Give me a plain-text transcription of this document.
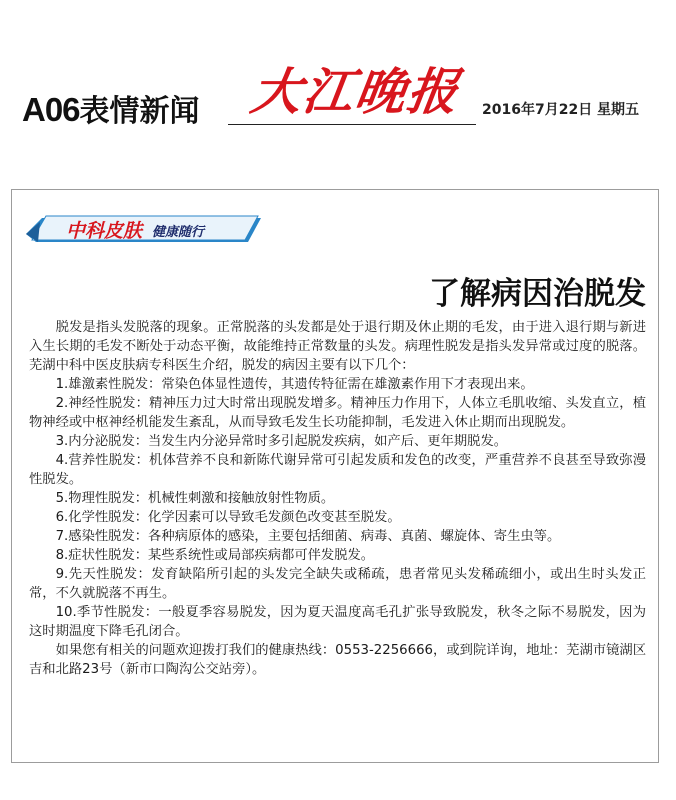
A06表情新闻 大江晚报 2016年7月22日 星期五
中科皮肤 健康随行
了解病因治脱发

脱发是指头发脱落的现象。正常脱落的头发都是处于退行期及休止期的毛发，由于进入退行期与新进入生长期的毛发不断处于动态平衡，故能维持正常数量的头发。病理性脱发是指头发异常或过度的脱落。芜湖中科中医皮肤病专科医生介绍，脱发的病因主要有以下几个：

1.雄激素性脱发：常染色体显性遗传，其遗传特征需在雄激素作用下才表现出来。

2.神经性脱发：精神压力过大时常出现脱发增多。精神压力作用下，人体立毛肌收缩、头发直立，植物神经或中枢神经机能发生紊乱，从而导致毛发生长功能抑制，毛发进入休止期而出现脱发。

3.内分泌脱发：当发生内分泌异常时多引起脱发疾病，如产后、更年期脱发。

4.营养性脱发：机体营养不良和新陈代谢异常可引起发质和发色的改变，严重营养不良甚至导致弥漫性脱发。

5.物理性脱发：机械性刺激和接触放射性物质。

6.化学性脱发：化学因素可以导致毛发颜色改变甚至脱发。

7.感染性脱发：各种病原体的感染，主要包括细菌、病毒、真菌、螺旋体、寄生虫等。

8.症状性脱发：某些系统性或局部疾病都可伴发脱发。

9.先天性脱发：发育缺陷所引起的头发完全缺失或稀疏，患者常见头发稀疏细小，或出生时头发正常，不久就脱落不再生。

10.季节性脱发：一般夏季容易脱发，因为夏天温度高毛孔扩张导致脱发，秋冬之际不易脱发，因为这时期温度下降毛孔闭合。

如果您有相关的问题欢迎拨打我们的健康热线：0553-2256666，或到院详询，地址：芜湖市镜湖区吉和北路23号（新市口陶沟公交站旁）。
